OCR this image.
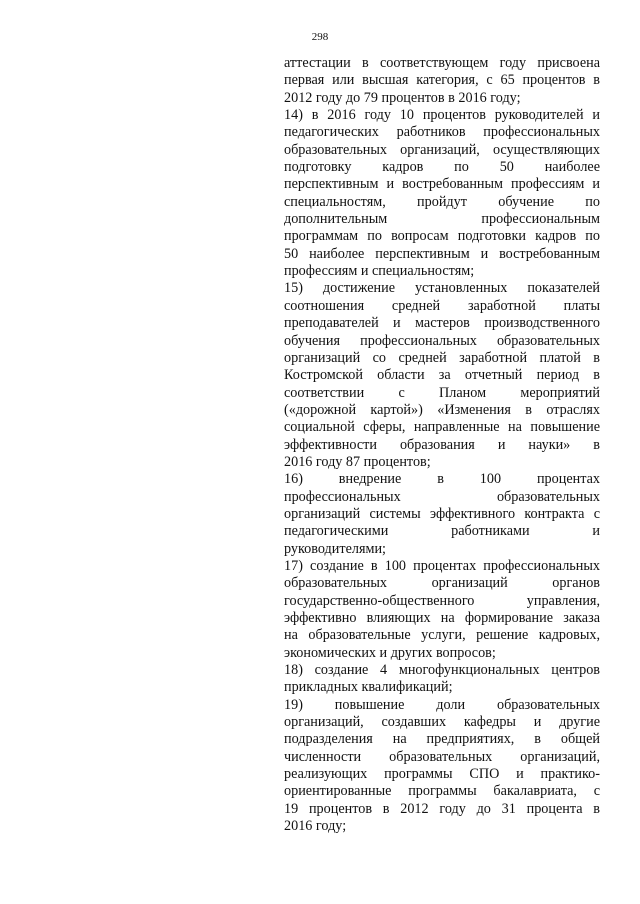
298
аттестации в соответствующем году присвоена
первая или высшая категория, с 65 процентов в
2012 году до 79 процентов в 2016 году;
14) в 2016 году 10 процентов руководителей и
педагогических работников профессиональных
образовательных организаций, осуществляющих
подготовку кадров по 50 наиболее
перспективным и востребованным профессиям и
специальностям, пройдут обучение по
дополнительным профессиональным
программам по вопросам подготовки кадров по
50 наиболее перспективным и востребованным
профессиям и специальностям;
15) достижение установленных показателей
соотношения средней заработной платы
преподавателей и мастеров производственного
обучения профессиональных образовательных
организаций со средней заработной платой в
Костромской области за отчетный период в
соответствии с Планом мероприятий
(«дорожной картой») «Изменения в отраслях
социальной сферы, направленные на повышение
эффективности образования и науки» в
2016 году 87 процентов;
16) внедрение в 100 процентах
профессиональных образовательных
организаций системы эффективного контракта с
педагогическими работниками и
руководителями;
17) создание в 100 процентах профессиональных
образовательных организаций органов
государственно-общественного управления,
эффективно влияющих на формирование заказа
на образовательные услуги, решение кадровых,
экономических и других вопросов;
18) создание 4 многофункциональных центров
прикладных квалификаций;
19) повышение доли образовательных
организаций, создавших кафедры и другие
подразделения на предприятиях, в общей
численности образовательных организаций,
реализующих программы СПО и практико-
ориентированные программы бакалавриата, с
19 процентов в 2012 году до 31 процента в
2016 году;
